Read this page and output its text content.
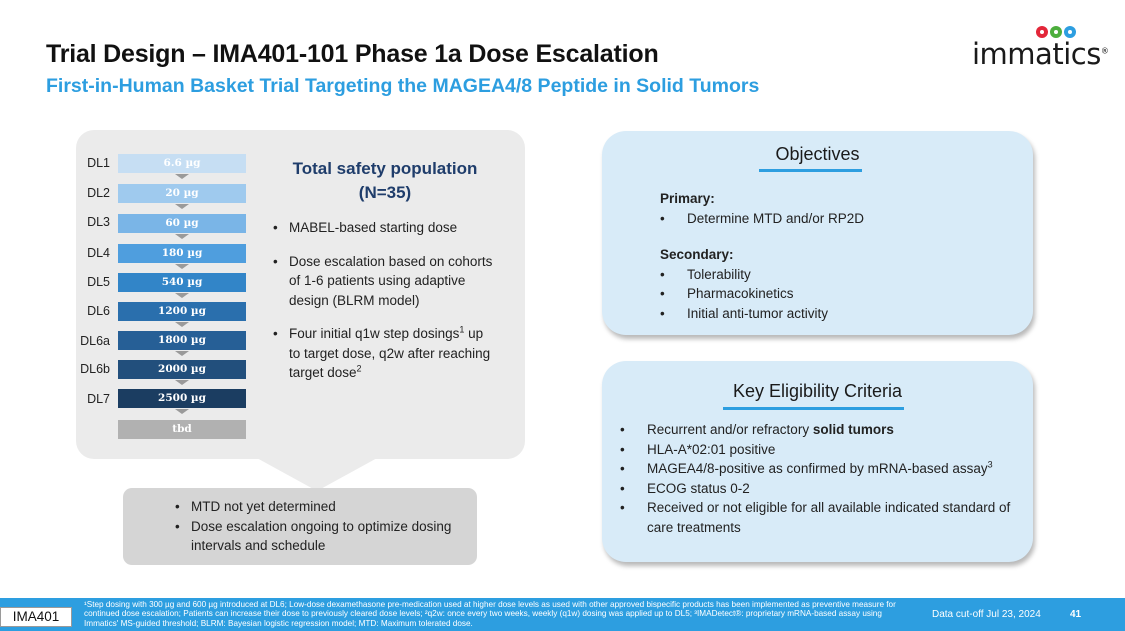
Trial Design – IMA401-101 Phase 1a Dose Escalation
First-in-Human Basket Trial Targeting the MAGEA4/8 Peptide in Solid Tumors
immatics®
DL1
DL2
DL3
DL4
DL5
DL6
DL6a
DL6b
DL7
6.6 µg
20 µg
60 µg
180 µg
540 µg
1200 µg
1800 µg
2000 µg
2500 µg
tbd
Total safety population
(N=35)
• MABEL-based starting dose
• Dose escalation based on cohorts of 1-6 patients using adaptive design (BLRM model)
• Four initial q1w step dosings$^1$ up to target dose, q2w after reaching target dose$^2$
• MTD not yet determined
• Dose escalation ongoing to optimize dosing intervals and schedule
Objectives
Primary:
• Determine MTD and/or RP2D
Secondary:
• Tolerability
• Pharmacokinetics
• Initial anti-tumor activity
Key Eligibility Criteria
• Recurrent and/or refractory solid tumors
• HLA-A*02:01 positive
• MAGEA4/8-positive as confirmed by mRNA-based assay$^3$
• ECOG status 0-2
• Received or not eligible for all available indicated standard of care treatments
IMA401
¹Step dosing with 300 µg and 600 µg introduced at DL6; Low-dose dexamethasone pre-medication used at higher dose levels as used with other approved bispecific products has been implemented as preventive measure for continued dose escalation; Patients can increase their dose to previously cleared dose levels; ²q2w: once every two weeks, weekly (q1w) dosing was applied up to DL5; ³IMADetect®: proprietary mRNA-based assay using Immatics' MS-guided threshold; BLRM: Bayesian logistic regression model; MTD: Maximum tolerated dose.
Data cut-off Jul 23, 2024	41
